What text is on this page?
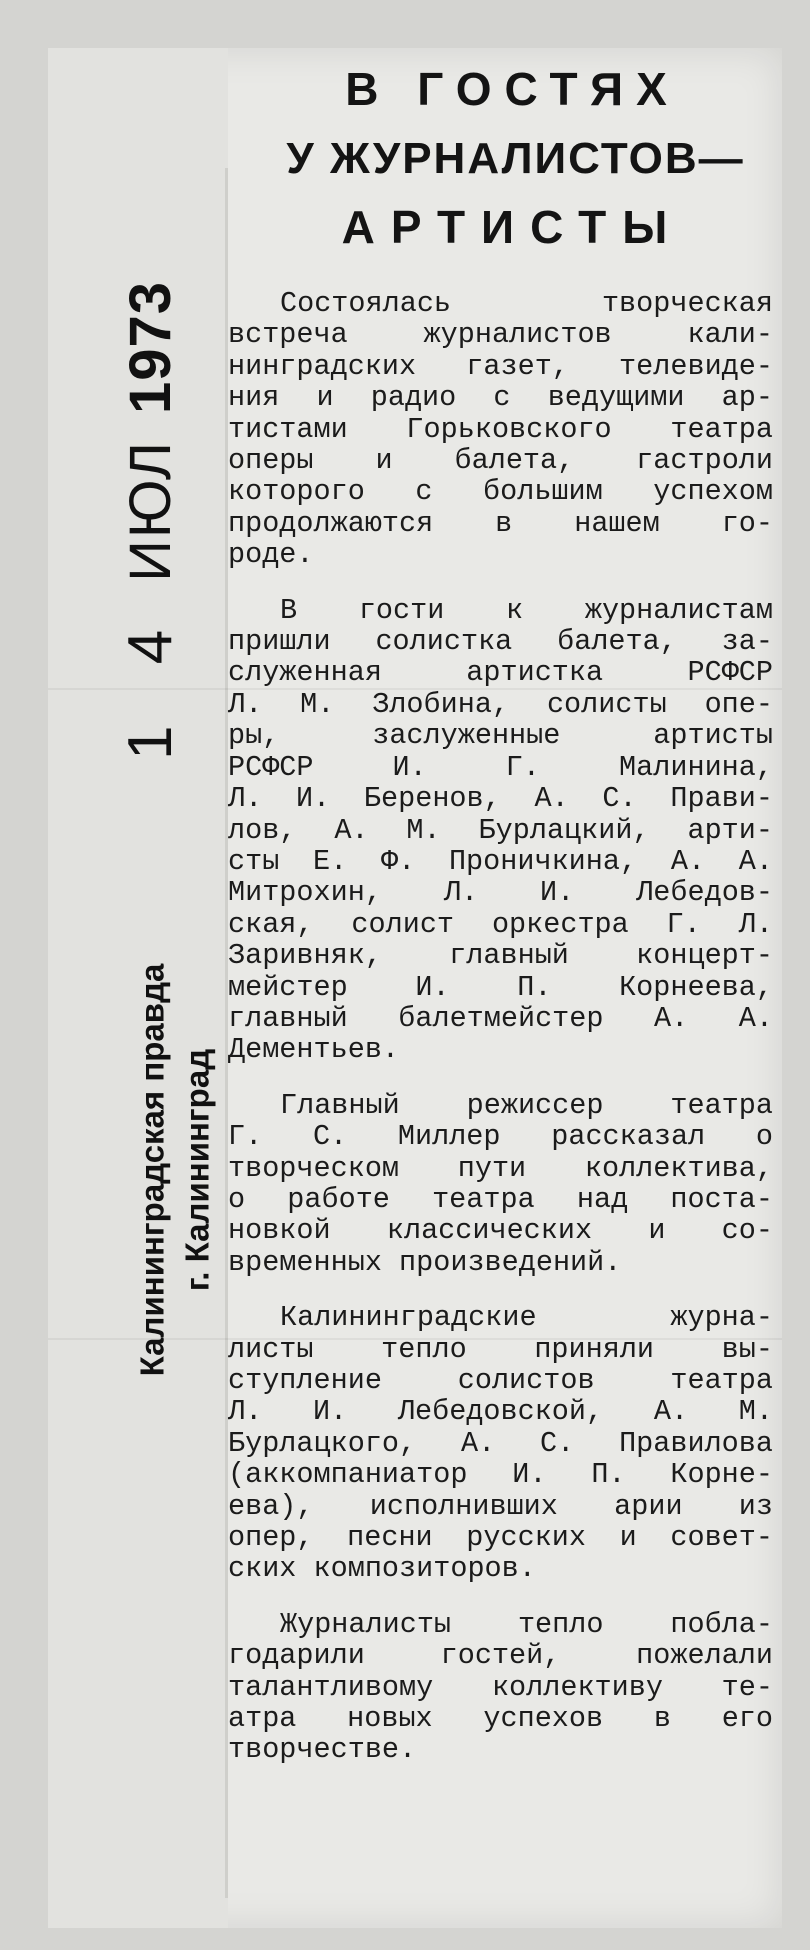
1 4
ИЮЛ
1973
Калининградская правда г. Калининград
В ГОСТЯХ
У ЖУРНАЛИСТОВ—
АРТИСТЫ
Состоялась творческая
встреча журналистов кали-
нинградских газет, телевиде-
ния и радио с ведущими ар-
тистами Горьковского театра
оперы и балета, гастроли
которого с большим успехом
продолжаются в нашем го-
роде.
В гости к журналистам
пришли солистка балета, за-
служенная артистка РСФСР
Л. М. Злобина, солисты опе-
ры, заслуженные артисты
РСФСР И. Г. Малинина,
Л. И. Беренов, А. С. Прави-
лов, А. М. Бурлацкий, арти-
сты Е. Ф. Проничкина, А. А.
Митрохин, Л. И. Лебедов-
ская, солист оркестра Г. Л.
Заривняк, главный концерт-
мейстер И. П. Корнеева,
главный балетмейстер А. А.
Дементьев.
Главный режиссер театра
Г. С. Миллер рассказал о
творческом пути коллектива,
о работе театра над поста-
новкой классических и со-
временных произведений.
Калининградские журна-
листы тепло приняли вы-
ступление солистов театра
Л. И. Лебедовской, А. М.
Бурлацкого, А. С. Правилова
(аккомпаниатор И. П. Корне-
ева), исполнивших арии из
опер, песни русских и совет-
ских композиторов.
Журналисты тепло побла-
годарили гостей, пожелали
талантливому коллективу те-
атра новых успехов в его
творчестве.
